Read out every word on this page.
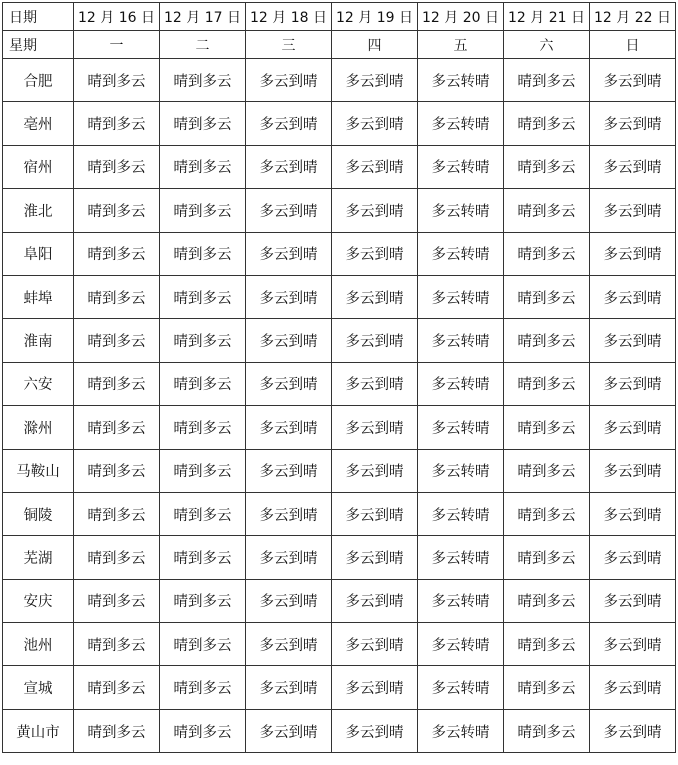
日期	12 月 16 日	12 月 17 日	12 月 18 日	12 月 19 日	12 月 20 日	12 月 21 日	12 月 22 日
星期	一	二	三	四	五	六	日
合肥	晴到多云	晴到多云	多云到晴	多云到晴	多云转晴	晴到多云	多云到晴
亳州	晴到多云	晴到多云	多云到晴	多云到晴	多云转晴	晴到多云	多云到晴
宿州	晴到多云	晴到多云	多云到晴	多云到晴	多云转晴	晴到多云	多云到晴
淮北	晴到多云	晴到多云	多云到晴	多云到晴	多云转晴	晴到多云	多云到晴
阜阳	晴到多云	晴到多云	多云到晴	多云到晴	多云转晴	晴到多云	多云到晴
蚌埠	晴到多云	晴到多云	多云到晴	多云到晴	多云转晴	晴到多云	多云到晴
淮南	晴到多云	晴到多云	多云到晴	多云到晴	多云转晴	晴到多云	多云到晴
六安	晴到多云	晴到多云	多云到晴	多云到晴	多云转晴	晴到多云	多云到晴
滁州	晴到多云	晴到多云	多云到晴	多云到晴	多云转晴	晴到多云	多云到晴
马鞍山	晴到多云	晴到多云	多云到晴	多云到晴	多云转晴	晴到多云	多云到晴
铜陵	晴到多云	晴到多云	多云到晴	多云到晴	多云转晴	晴到多云	多云到晴
芜湖	晴到多云	晴到多云	多云到晴	多云到晴	多云转晴	晴到多云	多云到晴
安庆	晴到多云	晴到多云	多云到晴	多云到晴	多云转晴	晴到多云	多云到晴
池州	晴到多云	晴到多云	多云到晴	多云到晴	多云转晴	晴到多云	多云到晴
宣城	晴到多云	晴到多云	多云到晴	多云到晴	多云转晴	晴到多云	多云到晴
黄山市	晴到多云	晴到多云	多云到晴	多云到晴	多云转晴	晴到多云	多云到晴
